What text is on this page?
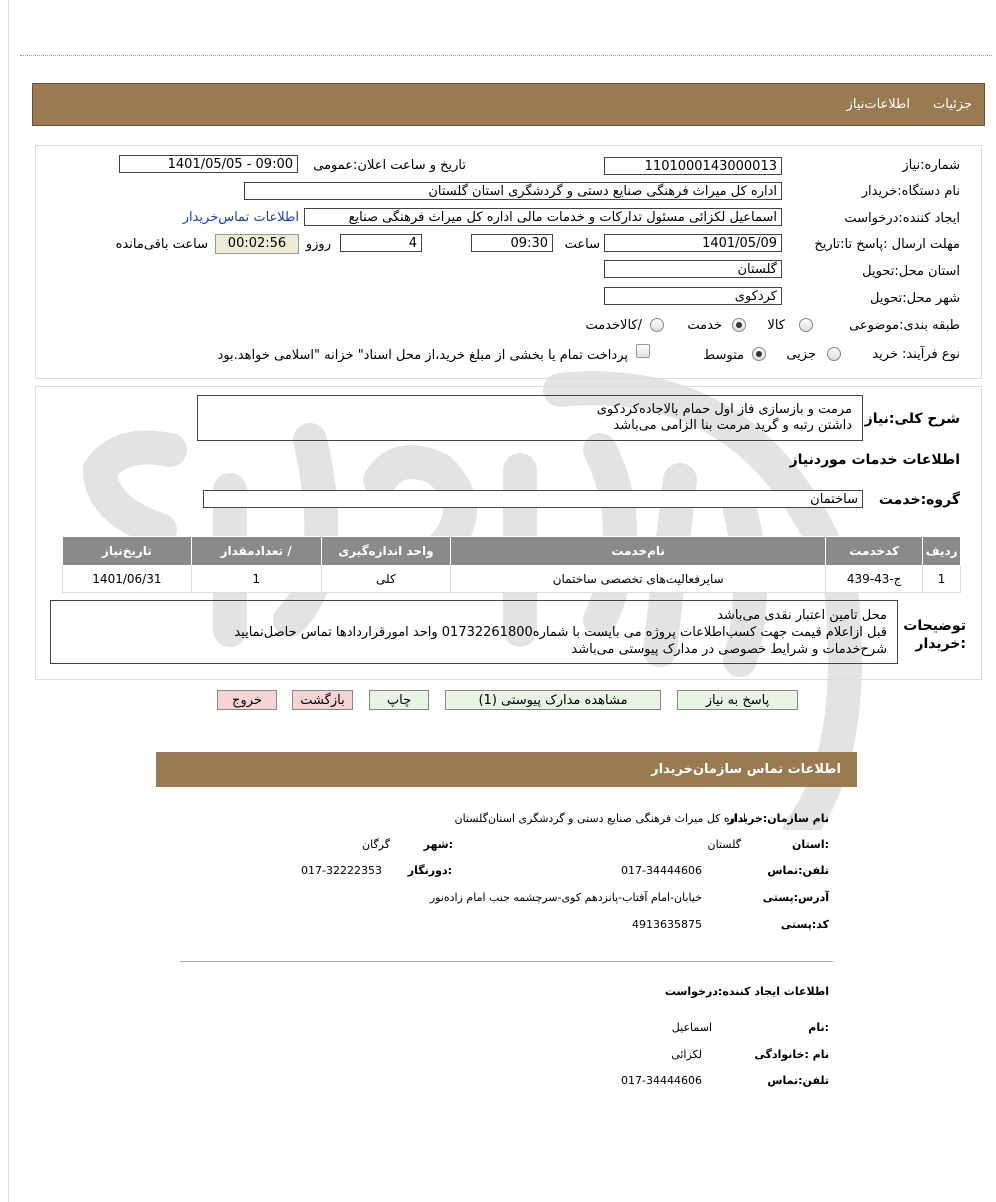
جزئیات
اطلاعات‌نیاز
شماره:نیاز
1101000143000013
تاریخ و ساعت اعلان:عمومی
1401/05/05 - 09:00
نام دستگاه:خریدار
اداره کل میراث فرهنگی صنایع دستی و گردشگری استان گلستان
ایجاد کننده:درخواست
اسماعیل لکزائی مسئول تدارکات و خدمات مالی اداره کل میراث فرهنگی صنایع
اطلاعات تماس‌خریدار
مهلت ارسال :پاسخ تا:تاریخ
1401/05/09
ساعت
09:30
4
روزو
00:02:56
ساعت باقی‌مانده
استان محل:تحویل
گلستان
شهر محل:تحویل
کردکوی
طبقه بندی:موضوعی
کالا
خدمت
/کالاخدمت
نوع فرآیند:
خرید
جزیی
متوسط
پرداخت تمام یا بخشی از مبلغ خرید،از محل اسناد" خزانه "اسلامی خواهد.بود
شرح کلی:نیاز
مرمت و بازسازی فاز اول حمام بالاجاده‌کردکوی
داشتن رتبه و گرید مرمت بنا الزامی می‌باشد
اطلاعات خدمات موردنیاز
گروه:خدمت
ساختمان
ردیف	کدخدمت	نام‌خدمت	واحد اندازه‌گیری	/ تعدادمقدار	تاریخ‌نیاز
1	ج-43-439	سایرفعالیت‌های تخصصی ساختمان	کلی	1	1401/06/31
توضیحات
:خریدار
محل تامین اعتبار نقدی می‌باشد
قبل ازاعلام قیمت جهت کسب‌اطلاعات پروژه می بایست با شماره01732261800 واحد امورقراردادها تماس حاصل‌نمایید
شرح‌خدمات و شرایط خصوصی در مدارک پیوستی می‌باشد
پاسخ به نیاز
مشاهده مدارک پیوستی (1)
چاپ
بازگشت
خروج
اطلاعات تماس سازمان‌خریدار
نام سازمان:خریدار
اداره کل میراث فرهنگی صنایع دستی و گردشگری استان‌گلستان
:استان
گلستان
:شهر
گرگان
تلفن:تماس
017-34444606
:دورنگار
017-32222353
آدرس:پستی
خیابان-امام آفتاب-پانزدهم کوی-سرچشمه جنب امام زاده‌نور
کد:پستی
4913635875
اطلاعات ایجاد کننده:درخواست
:نام
اسماعیل
نام :خانوادگی
لکزائی
تلفن:تماس
017-34444606
